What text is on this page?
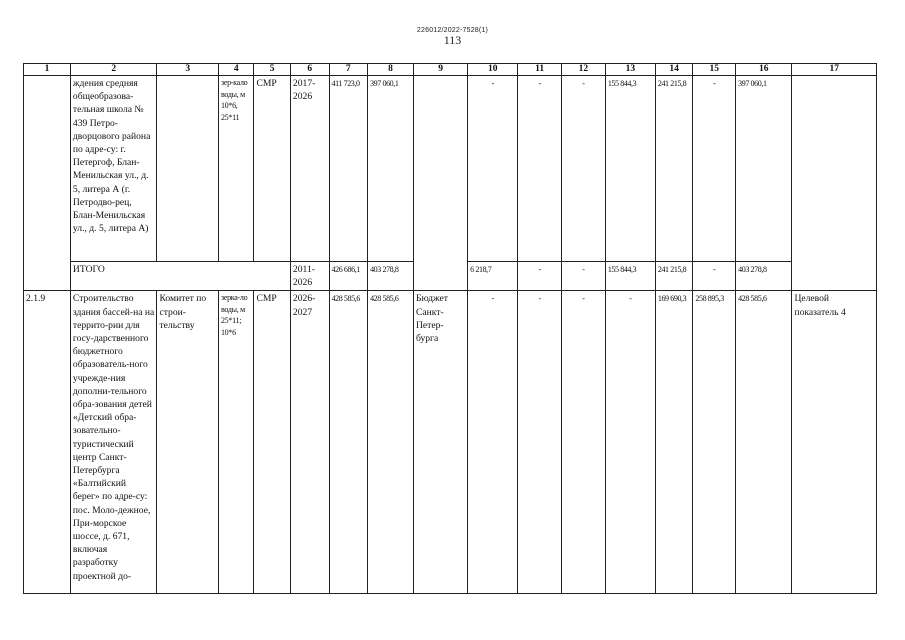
226012/2022-7528(1)
113
1	2	3	4	5	6	7	8	9	10	11	12	13	14	15	16	17
	ждения средняя общеобразова-тельная школа № 439 Петро-дворцового района по адре-су: г. Петергоф, Блан-Менильская ул., д. 5, литера А (г. Петродво-рец, Блан-Менильская ул., д. 5, литера А)		зер-кало воды, м 10*6, 25*11	СМР	2017-2026	411 723,0	397 060,1		-	-	-	155 844,3	241 215,8	-	397 060,1	
	ИТОГО				2011-2026	426 686,1	403 278,8		6 218,7	-	-	155 844,3	241 215,8	-	403 278,8	
2.1.9	Строительство здания бассей-на на террито-рии для госу-дарственного бюджетного образователь-ного учрежде-ния дополни-тельного обра-зования детей «Детский обра-зовательно-туристический центр Санкт-Петербурга «Балтийский берег» по адре-су: пос. Моло-дежное, При-морское шоссе, д. 671, включая разработку проектной до-	Комитет по строи-тельству	зерка-ло воды, м 25*11; 10*6	СМР	2026-2027	428 585,6	428 585,6	Бюджет Санкт-Петер-бурга	-	-	-	-	169 690,3	258 895,3	428 585,6	Целевой показатель 4
